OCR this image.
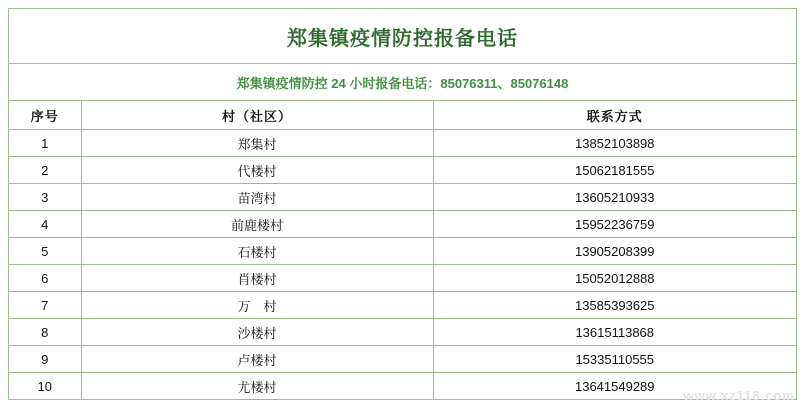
郑集镇疫情防控报备电话
郑集镇疫情防控 24 小时报备电话：85076311、85076148
序号	村（社区）	联系方式
1	郑集村	13852103898
2	代楼村	15062181555
3	苗湾村	13605210933
4	前鹿楼村	15952236759
5	石楼村	13905208399
6	肖楼村	15052012888
7	万　村	13585393625
8	沙楼村	13615113868
9	卢楼村	15335110555
10	尤楼村	13641549289
www.xz118.com
